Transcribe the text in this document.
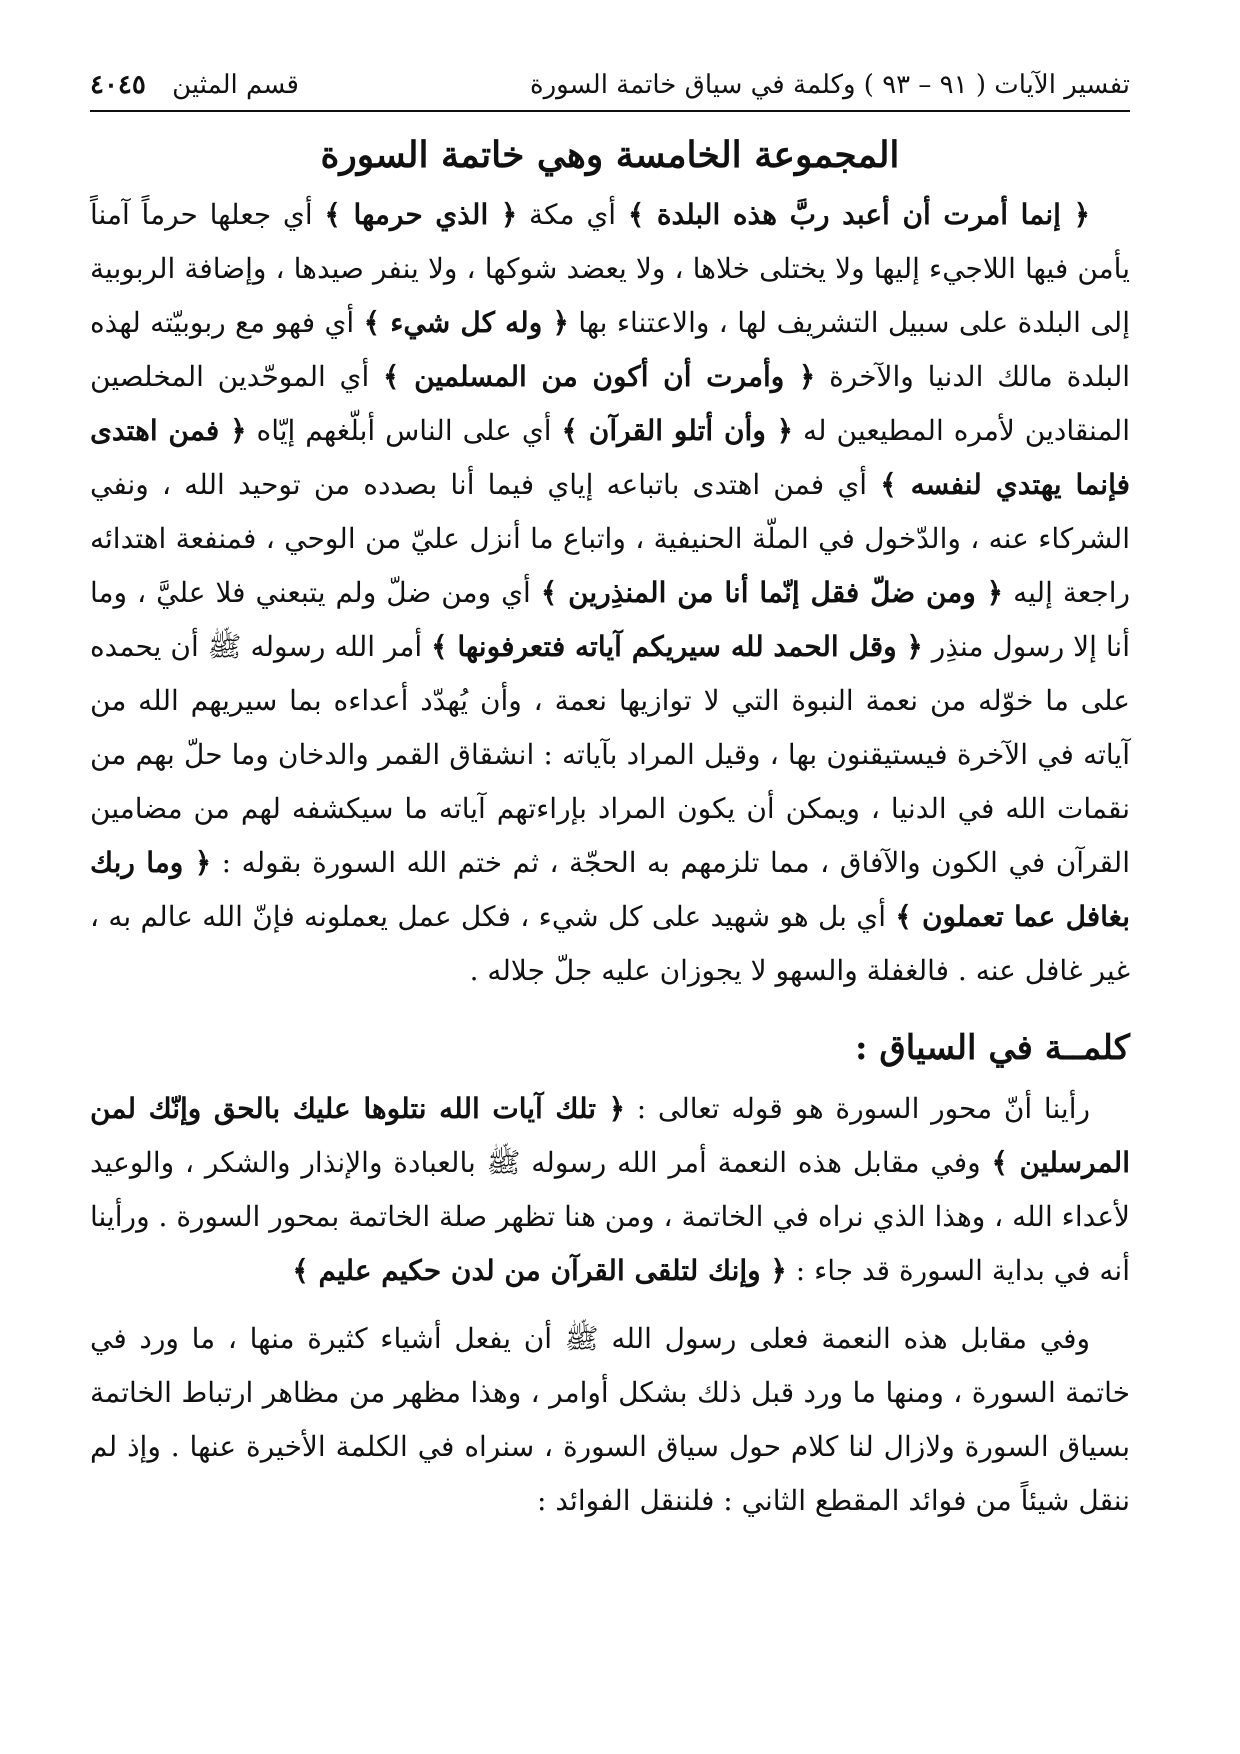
تفسير الآيات ( ٩١ – ٩٣ ) وكلمة في سياق خاتمة السورة
قسم المثين ٤٠٤٥
المجموعة الخامسة وهي خاتمة السورة

﴿ إنما أمرت أن أعبد ربَّ هذه البلدة ﴾ أي مكة ﴿ الذي حرمها ﴾ أي جعلها حرماً آمناً يأمن فيها اللاجيء إليها ولا يختلى خلاها ، ولا يعضد شوكها ، ولا ينفر صيدها ، وإضافة الربوبية إلى البلدة على سبيل التشريف لها ، والاعتناء بها ﴿ وله كل شيء ﴾ أي فهو مع ربوبيّته لهذه البلدة مالك الدنيا والآخرة ﴿ وأمرت أن أكون من المسلمين ﴾ أي الموحّدين المخلصين المنقادين لأمره المطيعين له ﴿ وأن أتلو القرآن ﴾ أي على الناس أبلّغهم إيّاه ﴿ فمن اهتدى فإنما يهتدي لنفسه ﴾ أي فمن اهتدى باتباعه إياي فيما أنا بصدده من توحيد الله ، ونفي الشركاء عنه ، والدّخول في الملّة الحنيفية ، واتباع ما أنزل عليّ من الوحي ، فمنفعة اهتدائه راجعة إليه ﴿ ومن ضلّ فقل إنّما أنا من المنذِرين ﴾ أي ومن ضلّ ولم يتبعني فلا عليَّ ، وما أنا إلا رسول منذِر ﴿ وقل الحمد لله سيريكم آياته فتعرفونها ﴾ أمر الله رسوله ﷺ أن يحمده على ما خوّله من نعمة النبوة التي لا توازيها نعمة ، وأن يُهدّد أعداءه بما سيريهم الله من آياته في الآخرة فيستيقنون بها ، وقيل المراد بآياته : انشقاق القمر والدخان وما حلّ بهم من نقمات الله في الدنيا ، ويمكن أن يكون المراد بإراءتهم آياته ما سيكشفه لهم من مضامين القرآن في الكون والآفاق ، مما تلزمهم به الحجّة ، ثم ختم الله السورة بقوله : ﴿ وما ربك بغافل عما تعملون ﴾ أي بل هو شهيد على كل شيء ، فكل عمل يعملونه فإنّ الله عالم به ، غير غافل عنه . فالغفلة والسهو لا يجوزان عليه جلّ جلاله .

كلمــة في السياق :

رأينا أنّ محور السورة هو قوله تعالى : ﴿ تلك آيات الله نتلوها عليك بالحق وإنّك لمن المرسلين ﴾ وفي مقابل هذه النعمة أمر الله رسوله ﷺ بالعبادة والإنذار والشكر ، والوعيد لأعداء الله ، وهذا الذي نراه في الخاتمة ، ومن هنا تظهر صلة الخاتمة بمحور السورة . ورأينا أنه في بداية السورة قد جاء : ﴿ وإنك لتلقى القرآن من لدن حكيم عليم ﴾

وفي مقابل هذه النعمة فعلى رسول الله ﷺ أن يفعل أشياء كثيرة منها ، ما ورد في خاتمة السورة ، ومنها ما ورد قبل ذلك بشكل أوامر ، وهذا مظهر من مظاهر ارتباط الخاتمة بسياق السورة ولازال لنا كلام حول سياق السورة ، سنراه في الكلمة الأخيرة عنها . وإذ لم ننقل شيئاً من فوائد المقطع الثاني : فلننقل الفوائد :
